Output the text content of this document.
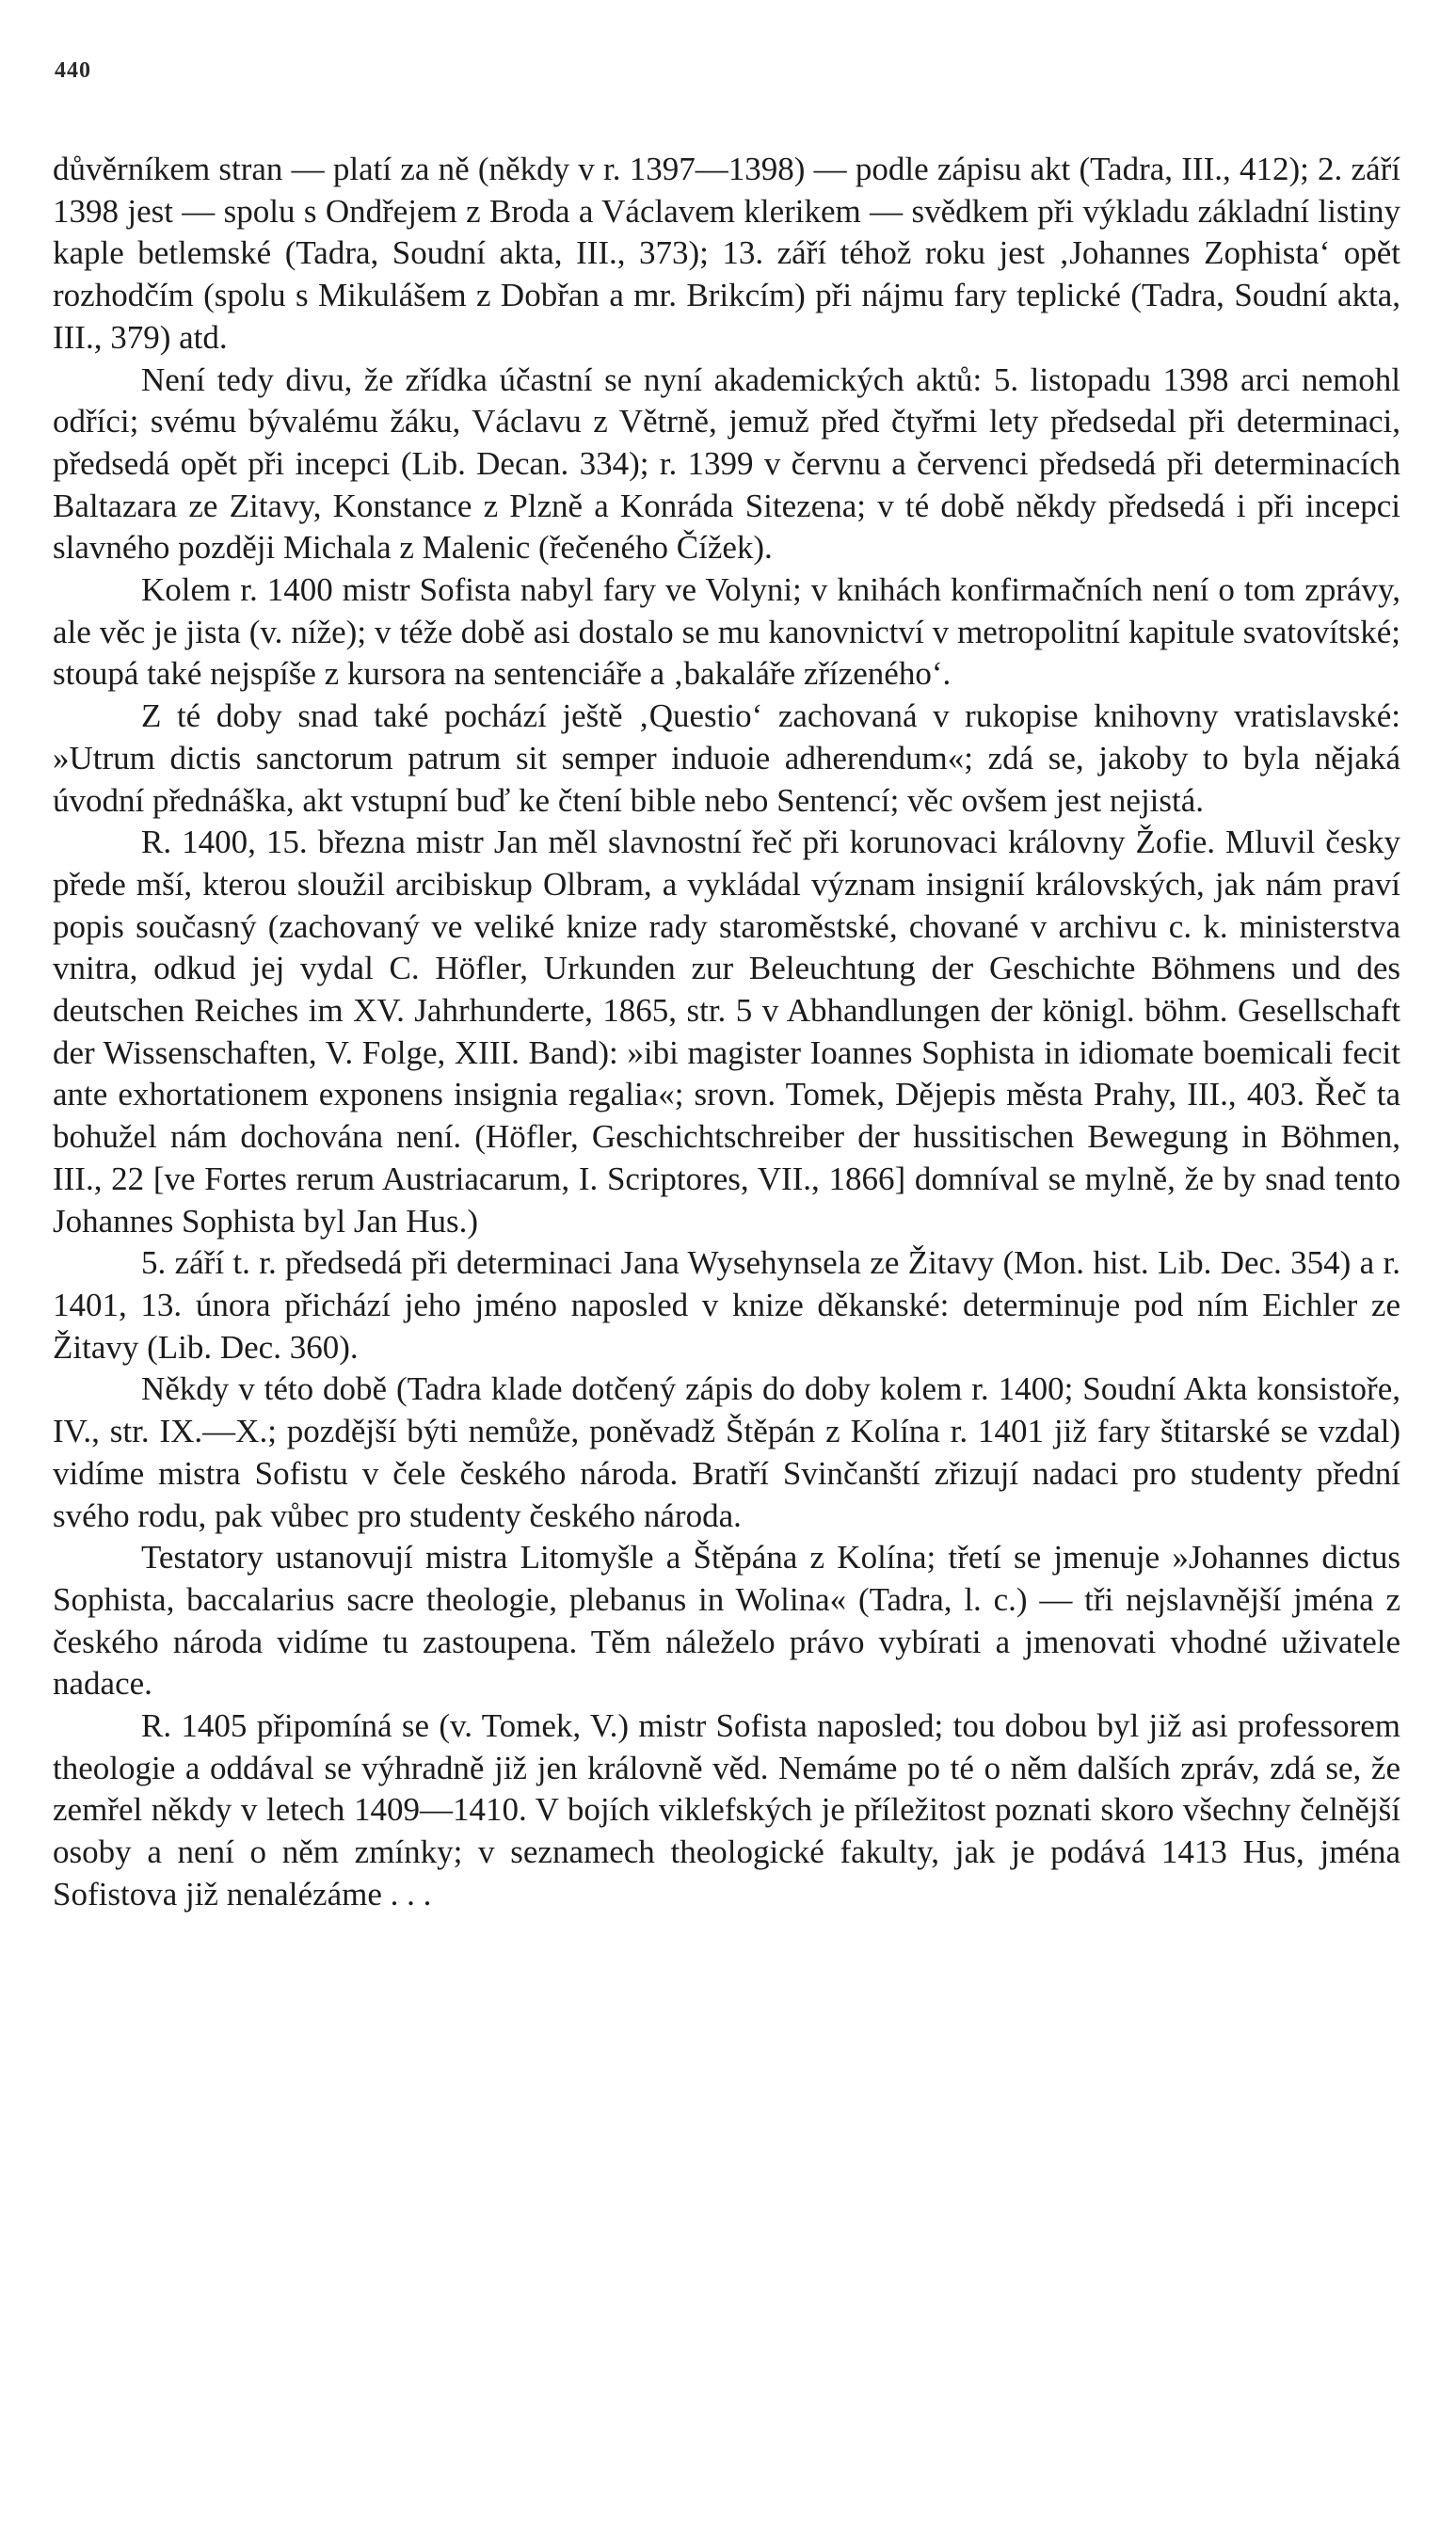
440

důvěrníkem stran — platí za ně (někdy v r. 1397—1398) — podle zápisu akt (Tadra, III., 412); 2. září 1398 jest — spolu s Ondřejem z Broda a Václavem klerikem — svědkem při výkladu základní listiny kaple betlemské (Tadra, Soudní akta, III., 373); 13. září téhož roku jest ‚Johannes Zophista‘ opět rozhodčím (spolu s Mikulášem z Dobřan a mr. Brikcím) při nájmu fary teplické (Tadra, Soudní akta, III., 379) atd.

Není tedy divu, že zřídka účastní se nyní akademických aktů: 5. listopadu 1398 arci nemohl odříci; svému bývalému žáku, Václavu z Větrně, jemuž před čtyřmi lety předsedal při determinaci, předsedá opět při incepci (Lib. Decan. 334); r. 1399 v červnu a červenci předsedá při determinacích Baltazara ze Zitavy, Konstance z Plzně a Konráda Sitezena; v té době někdy předsedá i při incepci slavného později Michala z Malenic (řečeného Čížek).

Kolem r. 1400 mistr Sofista nabyl fary ve Volyni; v knihách konfirmačních není o tom zprávy, ale věc je jista (v. níže); v téže době asi dostalo se mu kanovnictví v metropolitní kapitule svatovítské; stoupá také nejspíše z kursora na sentenciáře a ‚bakaláře zřízeného‘.

Z té doby snad také pochází ještě ‚Questio‘ zachovaná v rukopise knihovny vratislavské: »Utrum dictis sanctorum patrum sit semper induoie adherendum«; zdá se, jakoby to byla nějaká úvodní přednáška, akt vstupní buď ke čtení bible nebo Sentencí; věc ovšem jest nejistá.

R. 1400, 15. března mistr Jan měl slavnostní řeč při korunovaci královny Žofie. Mluvil česky přede mší, kterou sloužil arcibiskup Olbram, a vykládal význam insignií královských, jak nám praví popis současný (zachovaný ve veliké knize rady staroměstské, chované v archivu c. k. ministerstva vnitra, odkud jej vydal C. Höfler, Urkunden zur Beleuchtung der Geschichte Böhmens und des deutschen Reiches im XV. Jahrhunderte, 1865, str. 5 v Abhandlungen der königl. böhm. Gesellschaft der Wissenschaften, V. Folge, XIII. Band): »ibi magister Ioannes Sophista in idiomate boemicali fecit ante exhortationem exponens insignia regalia«; srovn. Tomek, Dějepis města Prahy, III., 403. Řeč ta bohužel nám dochována není. (Höfler, Geschichtschreiber der hussitischen Bewegung in Böhmen, III., 22 [ve Fortes rerum Austriacarum, I. Scriptores, VII., 1866] domníval se mylně, že by snad tento Johannes Sophista byl Jan Hus.)

5. září t. r. předsedá při determinaci Jana Wysehynsela ze Žitavy (Mon. hist. Lib. Dec. 354) a r. 1401, 13. února přichází jeho jméno naposled v knize děkanské: determinuje pod ním Eichler ze Žitavy (Lib. Dec. 360).

Někdy v této době (Tadra klade dotčený zápis do doby kolem r. 1400; Soudní Akta konsistoře, IV., str. IX.—X.; pozdější býti nemůže, poněvadž Štěpán z Kolína r. 1401 již fary štitarské se vzdal) vidíme mistra Sofistu v čele českého národa. Bratří Svinčanští zřizují nadaci pro studenty přední svého rodu, pak vůbec pro studenty českého národa.

Testatory ustanovují mistra Litomyšle a Štěpána z Kolína; třetí se jmenuje »Johannes dictus Sophista, baccalarius sacre theologie, plebanus in Wolina« (Tadra, l. c.) — tři nejslavnější jména z českého národa vidíme tu zastoupena. Těm náleželo právo vybírati a jmenovati vhodné uživatele nadace.

R. 1405 připomíná se (v. Tomek, V.) mistr Sofista naposled; tou dobou byl již asi professorem theologie a oddával se výhradně již jen královně věd. Nemáme po té o něm dalších zpráv, zdá se, že zemřel někdy v letech 1409—1410. V bojích viklefských je příležitost poznati skoro všechny čelnější osoby a není o něm zmínky; v seznamech theologické fakulty, jak je podává 1413 Hus, jména Sofistova již nenalézáme . . .
